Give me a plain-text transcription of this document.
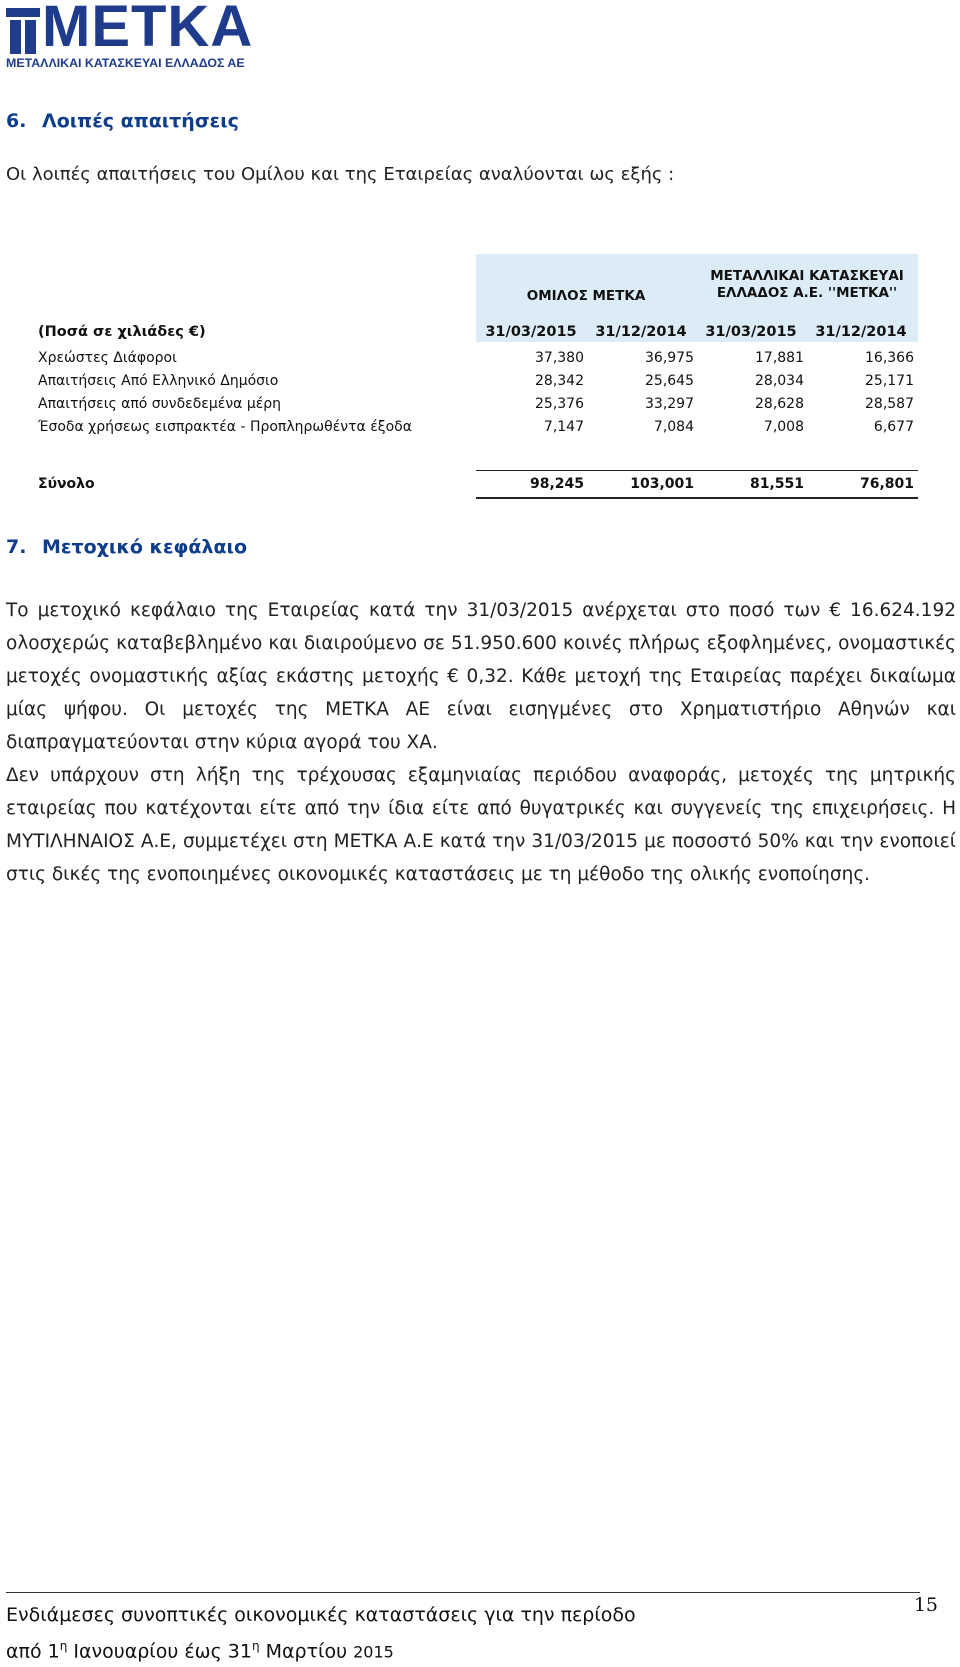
ΜΕΤΚΑ
ΜΕΤΑΛΛΙΚΑΙ ΚΑΤΑΣΚΕΥΑΙ ΕΛΛΑΔΟΣ ΑΕ
6. Λοιπές απαιτήσεις
Οι λοιπές απαιτήσεις του Ομίλου και της Εταιρείας αναλύονται ως εξής :
ΟΜΙΛΟΣ ΜΕΤΚΑ
ΜΕΤΑΛΛΙΚΑΙ ΚΑΤΑΣΚΕΥΑΙ
ΕΛΛΑΔΟΣ Α.Ε. ''ΜΕΤΚΑ''
(Ποσά σε χιλιάδες €)	31/03/2015	31/12/2014	31/03/2015	31/12/2014
Χρεώστες Διάφοροι	37,380	36,975	17,881	16,366
Απαιτήσεις Από Ελληνικό Δημόσιο	28,342	25,645	28,034	25,171
Απαιτήσεις από συνδεδεμένα μέρη	25,376	33,297	28,628	28,587
Έσοδα χρήσεως εισπρακτέα - Προπληρωθέντα έξοδα	7,147	7,084	7,008	6,677
Σύνολο	98,245	103,001	81,551	76,801
7. Μετοχικό κεφάλαιο

Το μετοχικό κεφάλαιο της Εταιρείας κατά την 31/03/2015 ανέρχεται στο ποσό των € 16.624.192 ολοσχερώς καταβεβλημένο και διαιρούμενο σε 51.950.600 κοινές πλήρως εξοφλημένες, ονομαστικές μετοχές ονομαστικής αξίας εκάστης μετοχής € 0,32. Κάθε μετοχή της Εταιρείας παρέχει δικαίωμα μίας ψήφου. Οι μετοχές της ΜΕΤΚΑ ΑΕ είναι εισηγμένες στο Χρηματιστήριο Αθηνών και διαπραγματεύονται στην κύρια αγορά του ΧΑ.

Δεν υπάρχουν στη λήξη της τρέχουσας εξαμηνιαίας περιόδου αναφοράς, μετοχές της μητρικής εταιρείας που κατέχονται είτε από την ίδια είτε από θυγατρικές και συγγενείς της επιχειρήσεις. Η ΜΥΤΙΛΗΝΑΙΟΣ Α.Ε, συμμετέχει στη ΜΕΤΚΑ Α.Ε κατά την 31/03/2015 με ποσοστό 50% και την ενοποιεί στις δικές της ενοποιημένες οικονομικές καταστάσεις με τη μέθοδο της ολικής ενοποίησης.

Ενδιάμεσες συνοπτικές οικονομικές καταστάσεις για την περίοδο
από $1^\eta$ Ιανουαρίου έως $31^\eta$ Μαρτίου 2015
15
